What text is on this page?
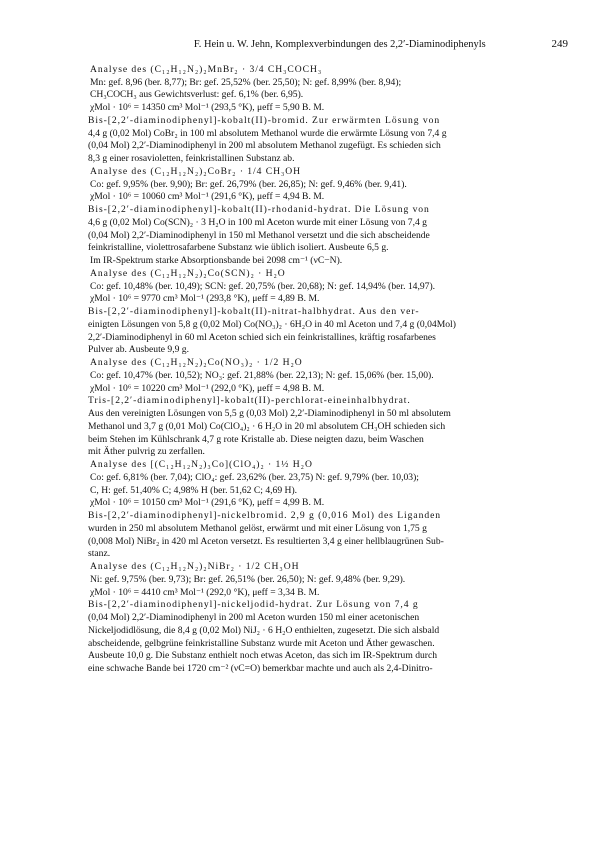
F. Hein u. W. Jehn, Komplexverbindungen des 2,2′-Diaminodiphenyls	249

Analyse des (C₁₂H₁₂N₂)₂MnBr₂ · 3/4 CH₃COCH₃

Mn: gef. 8,96 (ber. 8,77); Br: gef. 25,52% (ber. 25,50); N: gef. 8,99% (ber. 8,94);

CH₃COCH₃ aus Gewichtsverlust: gef. 6,1% (ber. 6,95).

χMol · 10⁶ = 14350 cm³ Mol⁻¹ (293,5 °K), μeff = 5,90 B. M.

Bis-[2,2′-diaminodiphenyl]-kobalt(II)-bromid. Zur erwärmten Lösung von

4,4 g (0,02 Mol) CoBr₂ in 100 ml absolutem Methanol wurde die erwärmte Lösung von 7,4 g

(0,04 Mol) 2,2′-Diaminodiphenyl in 200 ml absolutem Methanol zugefügt. Es schieden sich

8,3 g einer rosavioletten, feinkristallinen Substanz ab.

Analyse des (C₁₂H₁₂N₂)₂CoBr₂ · 1/4 CH₃OH

Co: gef. 9,95% (ber. 9,90); Br: gef. 26,79% (ber. 26,85); N: gef. 9,46% (ber. 9,41).

χMol · 10⁶ = 10060 cm³ Mol⁻¹ (291,6 °K), μeff = 4,94 B. M.

Bis-[2,2′-diaminodiphenyl]-kobalt(II)-rhodanid-hydrat. Die Lösung von

4,6 g (0,02 Mol) Co(SCN)₂ · 3 H₂O in 100 ml Aceton wurde mit einer Lösung von 7,4 g

(0,04 Mol) 2,2′-Diaminodiphenyl in 150 ml Methanol versetzt und die sich abscheidende

feinkristalline, violettrosafarbene Substanz wie üblich isoliert. Ausbeute 6,5 g.

Im IR-Spektrum starke Absorptionsbande bei 2098 cm⁻¹ (νC−N).

Analyse des (C₁₂H₁₂N₂)₂Co(SCN)₂ · H₂O

Co: gef. 10,48% (ber. 10,49); SCN: gef. 20,75% (ber. 20,68); N: gef. 14,94% (ber. 14,97).

χMol · 10⁶ = 9770 cm³ Mol⁻¹ (293,8 °K), μeff = 4,89 B. M.

Bis-[2,2′-diaminodiphenyl]-kobalt(II)-nitrat-halbhydrat. Aus den ver-

einigten Lösungen von 5,8 g (0,02 Mol) Co(NO₃)₂ · 6H₂O in 40 ml Aceton und 7,4 g (0,04Mol)

2,2′-Diaminodiphenyl in 60 ml Aceton schied sich ein feinkristallines, kräftig rosafarbenes

Pulver ab. Ausbeute 9,9 g.

Analyse des (C₁₂H₁₂N₂)₂Co(NO₃)₂ · 1/2 H₂O

Co: gef. 10,47% (ber. 10,52); NO₃: gef. 21,88% (ber. 22,13); N: gef. 15,06% (ber. 15,00).

χMol · 10⁶ = 10220 cm³ Mol⁻¹ (292,0 °K), μeff = 4,98 B. M.

Tris-[2,2′-diaminodiphenyl]-kobalt(II)-perchlorat-eineinhalbhydrat.

Aus den vereinigten Lösungen von 5,5 g (0,03 Mol) 2,2′-Diaminodiphenyl in 50 ml absolutem

Methanol und 3,7 g (0,01 Mol) Co(ClO₄)₂ · 6 H₂O in 20 ml absolutem CH₃OH schieden sich

beim Stehen im Kühlschrank 4,7 g rote Kristalle ab. Diese neigten dazu, beim Waschen

mit Äther pulvrig zu zerfallen.

Analyse des [(C₁₂H₁₂N₂)₃Co](ClO₄)₂ · 1½ H₂O

Co: gef. 6,81% (ber. 7,04); ClO₄: gef. 23,62% (ber. 23,75) N: gef. 9,79% (ber. 10,03);

C, H: gef. 51,40% C; 4,98% H (ber. 51,62 C; 4,69 H).

χMol · 10⁶ = 10150 cm³ Mol⁻¹ (291,6 °K), μeff = 4,99 B. M.

Bis-[2,2′-diaminodiphenyl]-nickelbromid. 2,9 g (0,016 Mol) des Liganden

wurden in 250 ml absolutem Methanol gelöst, erwärmt und mit einer Lösung von 1,75 g

(0,008 Mol) NiBr₂ in 420 ml Aceton versetzt. Es resultierten 3,4 g einer hellblaugrünen Sub-

stanz.

Analyse des (C₁₂H₁₂N₂)₂NiBr₂ · 1/2 CH₃OH

Ni: gef. 9,75% (ber. 9,73); Br: gef. 26,51% (ber. 26,50); N: gef. 9,48% (ber. 9,29).

χMol · 10⁶ = 4410 cm³ Mol⁻¹ (292,0 °K), μeff = 3,34 B. M.

Bis-[2,2′-diaminodiphenyl]-nickeljodid-hydrat. Zur Lösung von 7,4 g

(0,04 Mol) 2,2′-Diaminodiphenyl in 200 ml Aceton wurden 150 ml einer acetonischen

Nickeljodidlösung, die 8,4 g (0,02 Mol) NiJ₂ · 6 H₂O enthielten, zugesetzt. Die sich alsbald

abscheidende, gelbgrüne feinkristalline Substanz wurde mit Aceton und Äther gewaschen.

Ausbeute 10,0 g. Die Substanz enthielt noch etwas Aceton, das sich im IR-Spektrum durch

eine schwache Bande bei 1720 cm⁻² (νC=O) bemerkbar machte und auch als 2,4-Dinitro-
